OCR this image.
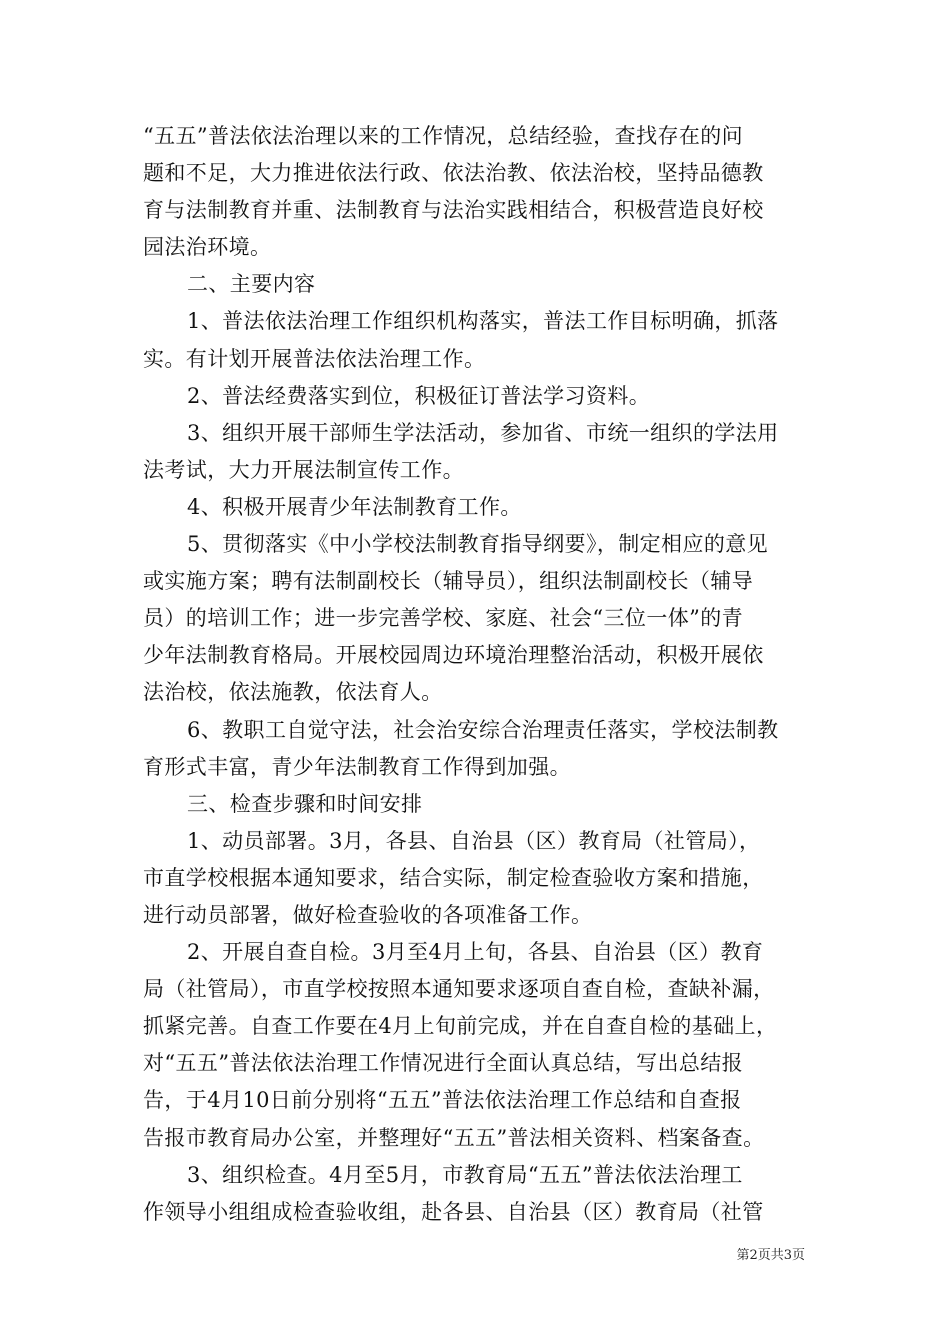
“五五”普法依法治理以来的工作情况，总结经验，查找存在的问
题和不足，大力推进依法行政、依法治教、依法治校，坚持品德教
育与法制教育并重、法制教育与法治实践相结合，积极营造良好校
园法治环境。
二、主要内容
1、普法依法治理工作组织机构落实，普法工作目标明确，抓落
实。有计划开展普法依法治理工作。
2、普法经费落实到位，积极征订普法学习资料。
3、组织开展干部师生学法活动，参加省、市统一组织的学法用
法考试，大力开展法制宣传工作。
4、积极开展青少年法制教育工作。
5、贯彻落实《中小学校法制教育指导纲要》，制定相应的意见
或实施方案；聘有法制副校长（辅导员），组织法制副校长（辅导
员）的培训工作；进一步完善学校、家庭、社会“三位一体”的青
少年法制教育格局。开展校园周边环境治理整治活动，积极开展依
法治校，依法施教，依法育人。
6、教职工自觉守法，社会治安综合治理责任落实，学校法制教
育形式丰富，青少年法制教育工作得到加强。
三、检查步骤和时间安排
1、动员部署。3月，各县、自治县（区）教育局（社管局），
市直学校根据本通知要求，结合实际，制定检查验收方案和措施，
进行动员部署，做好检查验收的各项准备工作。
2、开展自查自检。3月至4月上旬，各县、自治县（区）教育
局（社管局），市直学校按照本通知要求逐项自查自检，查缺补漏，
抓紧完善。自查工作要在4月上旬前完成，并在自查自检的基础上，
对“五五”普法依法治理工作情况进行全面认真总结，写出总结报
告，于4月10日前分别将“五五”普法依法治理工作总结和自查报
告报市教育局办公室，并整理好“五五”普法相关资料、档案备查。
3、组织检查。4月至5月，市教育局“五五”普法依法治理工
作领导小组组成检查验收组，赴各县、自治县（区）教育局（社管
第2页共3页
